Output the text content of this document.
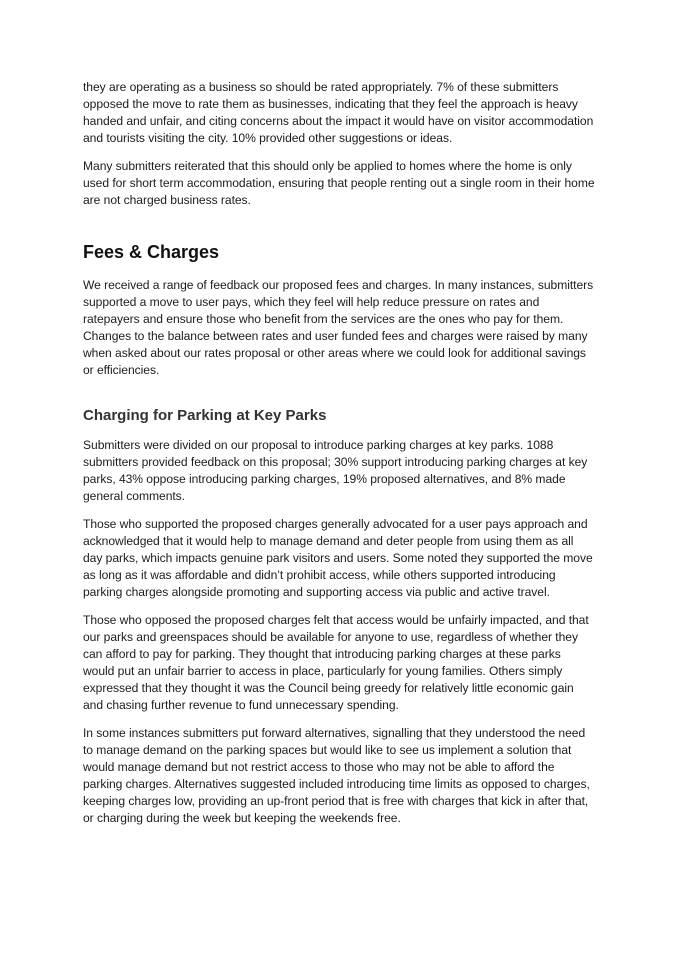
they are operating as a business so should be rated appropriately. 7% of these submitters opposed the move to rate them as businesses, indicating that they feel the approach is heavy handed and unfair, and citing concerns about the impact it would have on visitor accommodation and tourists visiting the city. 10% provided other suggestions or ideas.

Many submitters reiterated that this should only be applied to homes where the home is only used for short term accommodation, ensuring that people renting out a single room in their home are not charged business rates.

Fees & Charges

We received a range of feedback our proposed fees and charges. In many instances, submitters supported a move to user pays, which they feel will help reduce pressure on rates and ratepayers and ensure those who benefit from the services are the ones who pay for them. Changes to the balance between rates and user funded fees and charges were raised by many when asked about our rates proposal or other areas where we could look for additional savings or efficiencies.

Charging for Parking at Key Parks

Submitters were divided on our proposal to introduce parking charges at key parks. 1088 submitters provided feedback on this proposal; 30% support introducing parking charges at key parks, 43% oppose introducing parking charges, 19% proposed alternatives, and 8% made general comments.

Those who supported the proposed charges generally advocated for a user pays approach and acknowledged that it would help to manage demand and deter people from using them as all day parks, which impacts genuine park visitors and users. Some noted they supported the move as long as it was affordable and didn’t prohibit access, while others supported introducing parking charges alongside promoting and supporting access via public and active travel.

Those who opposed the proposed charges felt that access would be unfairly impacted, and that our parks and greenspaces should be available for anyone to use, regardless of whether they can afford to pay for parking. They thought that introducing parking charges at these parks would put an unfair barrier to access in place, particularly for young families. Others simply expressed that they thought it was the Council being greedy for relatively little economic gain and chasing further revenue to fund unnecessary spending.

In some instances submitters put forward alternatives, signalling that they understood the need to manage demand on the parking spaces but would like to see us implement a solution that would manage demand but not restrict access to those who may not be able to afford the parking charges. Alternatives suggested included introducing time limits as opposed to charges, keeping charges low, providing an up-front period that is free with charges that kick in after that, or charging during the week but keeping the weekends free.
